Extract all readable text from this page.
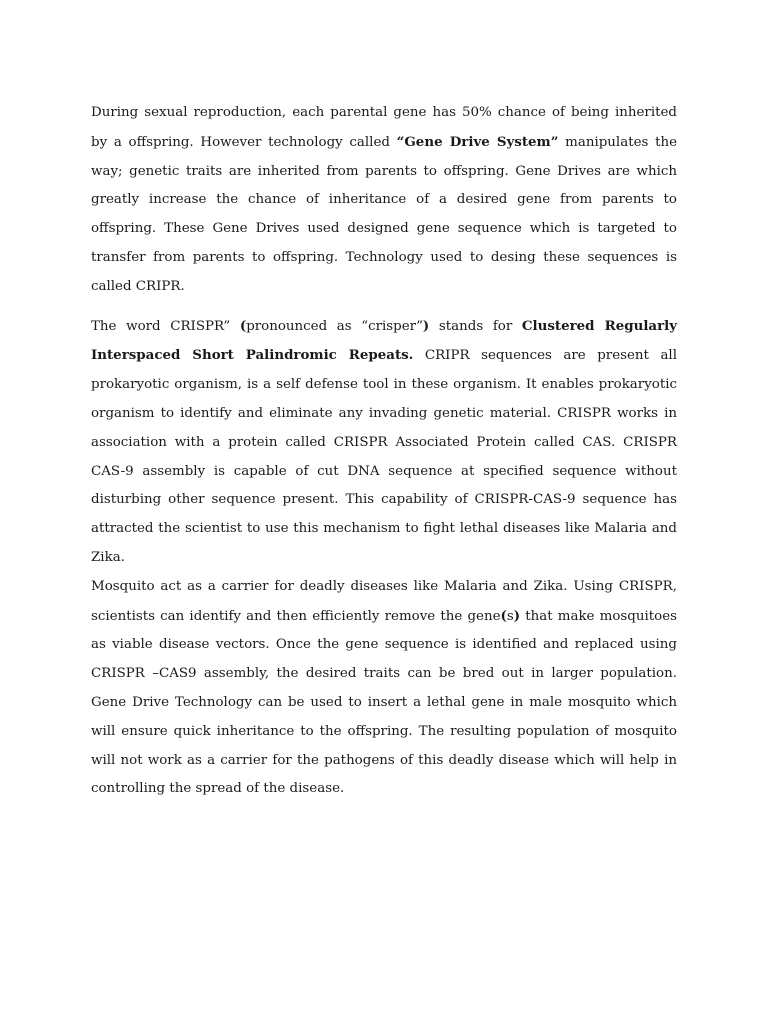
During sexual reproduction, each parental gene has 50% chance of being inherited by a offspring. However technology called “Gene Drive System” manipulates the way; genetic traits are inherited from parents to offspring. Gene Drives are which greatly increase the chance of inheritance of a desired gene from parents to offspring. These Gene Drives used designed gene sequence which is targeted to transfer from parents to offspring. Technology used to desing these sequences is called CRIPR.

The word CRISPR” (pronounced as “crisper”) stands for Clustered Regularly Interspaced Short Palindromic Repeats. CRIPR sequences are present all prokaryotic organism, is a self defense tool in these organism. It enables prokaryotic organism to identify and eliminate any invading genetic material. CRISPR works in association with a protein called CRISPR Associated Protein called CAS. CRISPR CAS-9 assembly is capable of cut DNA sequence at specified sequence without disturbing other sequence present. This capability of CRISPR-CAS-9 sequence has attracted the scientist to use this mechanism to fight lethal diseases like Malaria and Zika.

Mosquito act as a carrier for deadly diseases like Malaria and Zika. Using CRISPR, scientists can identify and then efficiently remove the gene(s) that make mosquitoes as viable disease vectors. Once the gene sequence is identified and replaced using CRISPR –CAS9 assembly, the desired traits can be bred out in larger population. Gene Drive Technology can be used to insert a lethal gene in male mosquito which will ensure quick inheritance to the offspring. The resulting population of mosquito will not work as a carrier for the pathogens of this deadly disease which will help in controlling the spread of the disease.
